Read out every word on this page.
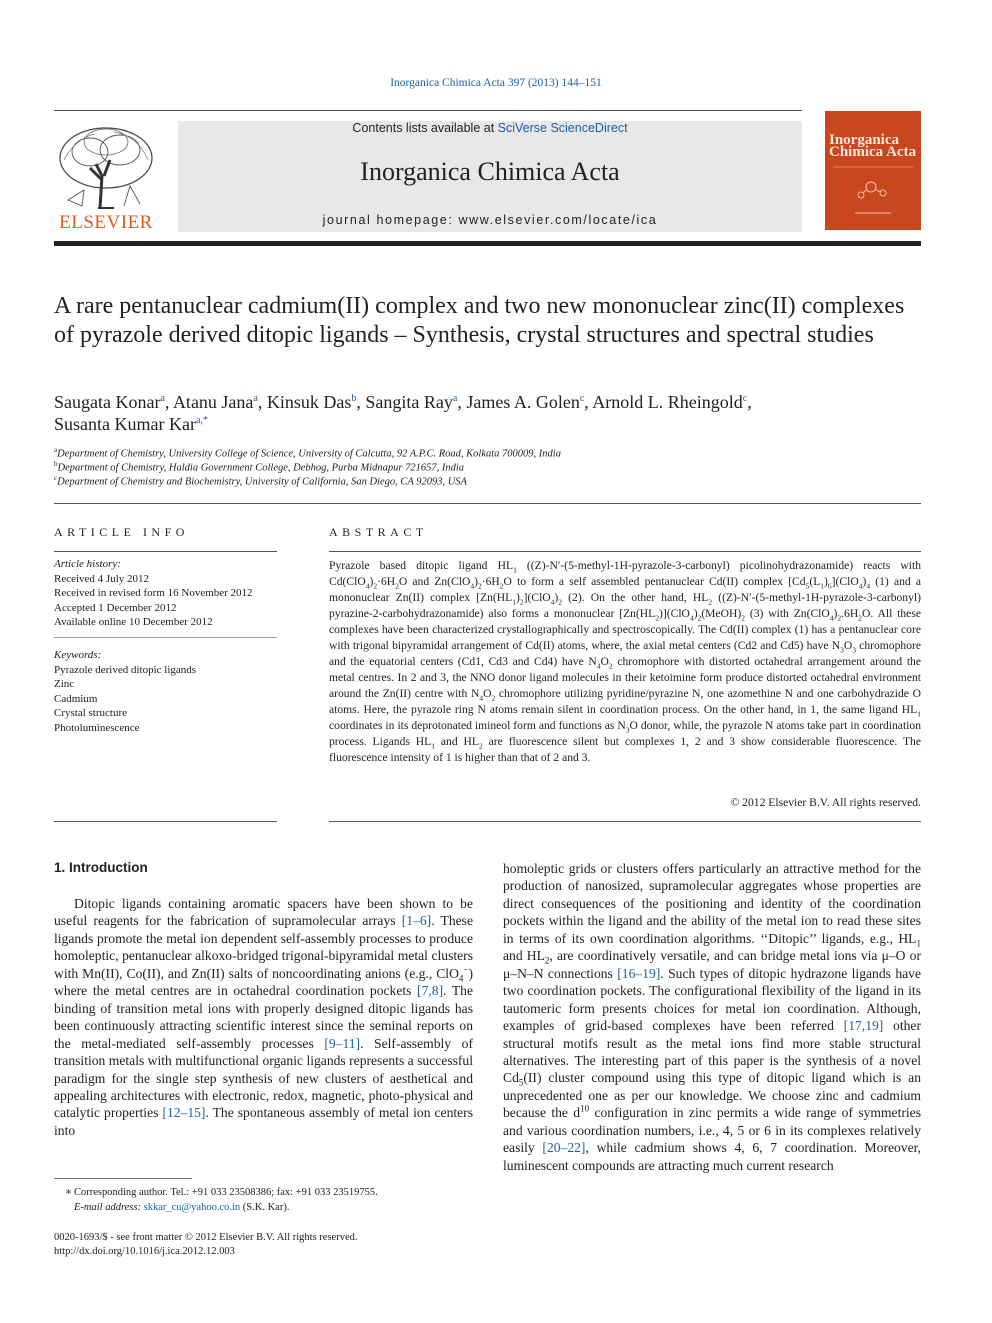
Inorganica Chimica Acta 397 (2013) 144–151
ELSEVIER
Contents lists available at SciVerse ScienceDirect
Inorganica Chimica Acta
journal homepage: www.elsevier.com/locate/ica
Inorganica
Chimica Acta
A rare pentanuclear cadmium(II) complex and two new mononuclear zinc(II) complexes of pyrazole derived ditopic ligands – Synthesis, crystal structures and spectral studies
Saugata Konar$^a$, Atanu Jana$^a$, Kinsuk Das$^b$, Sangita Ray$^a$, James A. Golen$^c$, Arnold L. Rheingold$^c$,
Susanta Kumar Kar$^{a,*}$
$^a$Department of Chemistry, University College of Science, University of Calcutta, 92 A.P.C. Road, Kolkata 700009, India
$^b$Department of Chemistry, Haldia Government College, Debhog, Purba Midnapur 721657, India
$^c$Department of Chemistry and Biochemistry, University of California, San Diego, CA 92093, USA
ARTICLE INFO
Article history:
Received 4 July 2012
Received in revised form 16 November 2012
Accepted 1 December 2012
Available online 10 December 2012
Keywords:
Pyrazole derived ditopic ligands
Zinc
Cadmium
Crystal structure
Photoluminescence
ABSTRACT
Pyrazole based ditopic ligand $HL_1$ ((Z)-N′-(5-methyl-1H-pyrazole-3-carbonyl) picolinohydrazonamide) reacts with $Cd(ClO_4)_2\cdot 6H_2O$ and $Zn(ClO_4)_2\cdot 6H_2O$ to form a self assembled pentanuclear Cd(II) complex $[Cd_5(L_1)_6](ClO_4)_4$ (1) and a mononuclear Zn(II) complex $[Zn(HL_1)_2](ClO_4)_2$ (2). On the other hand, $HL_2$ ((Z)-N′-(5-methyl-1H-pyrazole-3-carbonyl) pyrazine-2-carbohydrazonamide) also forms a mononuclear $[Zn(HL_2)](ClO_4)_2(MeOH)_2$ (3) with $Zn(ClO_4)_2.6H_2O$. All these complexes have been characterized crystallographically and spectroscopically. The Cd(II) complex (1) has a pentanuclear core with trigonal bipyramidal arrangement of Cd(II) atoms, where, the axial metal centers (Cd2 and Cd5) have $N_3O_3$ chromophore and the equatorial centers (Cd1, Cd3 and Cd4) have $N_4O_2$ chromophore with distorted octahedral arrangement around the metal centres. In 2 and 3, the NNO donor ligand molecules in their ketoimine form produce distorted octahedral environment around the Zn(II) centre with $N_4O_2$ chromophore utilizing pyridine/pyrazine N, one azomethine N and one carbohydrazide O atoms. Here, the pyrazole ring N atoms remain silent in coordination process. On the other hand, in 1, the same ligand $HL_1$ coordinates in its deprotonated imineol form and functions as $N_3O$ donor, while, the pyrazole N atoms take part in coordination process. Ligands $HL_1$ and $HL_2$ are fluorescence silent but complexes 1, 2 and 3 show considerable fluorescence. The fluorescence intensity of 1 is higher than that of 2 and 3.
© 2012 Elsevier B.V. All rights reserved.
1. Introduction
Ditopic ligands containing aromatic spacers have been shown to be useful reagents for the fabrication of supramolecular arrays [1–6]. These ligands promote the metal ion dependent self-assembly processes to produce homoleptic, pentanuclear alkoxo-bridged trigonal-bipyramidal metal clusters with Mn(II), Co(II), and Zn(II) salts of noncoordinating anions (e.g., ClO$_4$−) where the metal centres are in octahedral coordination pockets [7,8]. The binding of transition metal ions with properly designed ditopic ligands has been continuously attracting scientific interest since the seminal reports on the metal-mediated self-assembly processes [9–11]. Self-assembly of transition metals with multifunctional organic ligands represents a successful paradigm for the single step synthesis of new clusters of aesthetical and appealing architectures with electronic, redox, magnetic, photo-physical and catalytic properties [12–15]. The spontaneous assembly of metal ion centers into
homoleptic grids or clusters offers particularly an attractive method for the production of nanosized, supramolecular aggregates whose properties are direct consequences of the positioning and identity of the coordination pockets within the ligand and the ability of the metal ion to read these sites in terms of its own coordination algorithms. ‘‘Ditopic’’ ligands, e.g., $HL_1$ and $HL_2$, are coordinatively versatile, and can bridge metal ions via μ–O or μ–N–N connections [16–19]. Such types of ditopic hydrazone ligands have two coordination pockets. The configurational flexibility of the ligand in its tautomeric form presents choices for metal ion coordination. Although, examples of grid-based complexes have been referred [17,19] other structural motifs result as the metal ions find more stable structural alternatives. The interesting part of this paper is the synthesis of a novel $Cd_5(II)$ cluster compound using this type of ditopic ligand which is an unprecedented one as per our knowledge. We choose zinc and cadmium because the $d^{10}$ configuration in zinc permits a wide range of symmetries and various coordination numbers, i.e., 4, 5 or 6 in its complexes relatively easily [20–22], while cadmium shows 4, 6, 7 coordination. Moreover, luminescent compounds are attracting much current research
∗ Corresponding author. Tel.: +91 033 23508386; fax: +91 033 23519755.
E-mail address: skkar_cu@yahoo.co.in (S.K. Kar).
0020-1693/$ - see front matter © 2012 Elsevier B.V. All rights reserved.
http://dx.doi.org/10.1016/j.ica.2012.12.003
